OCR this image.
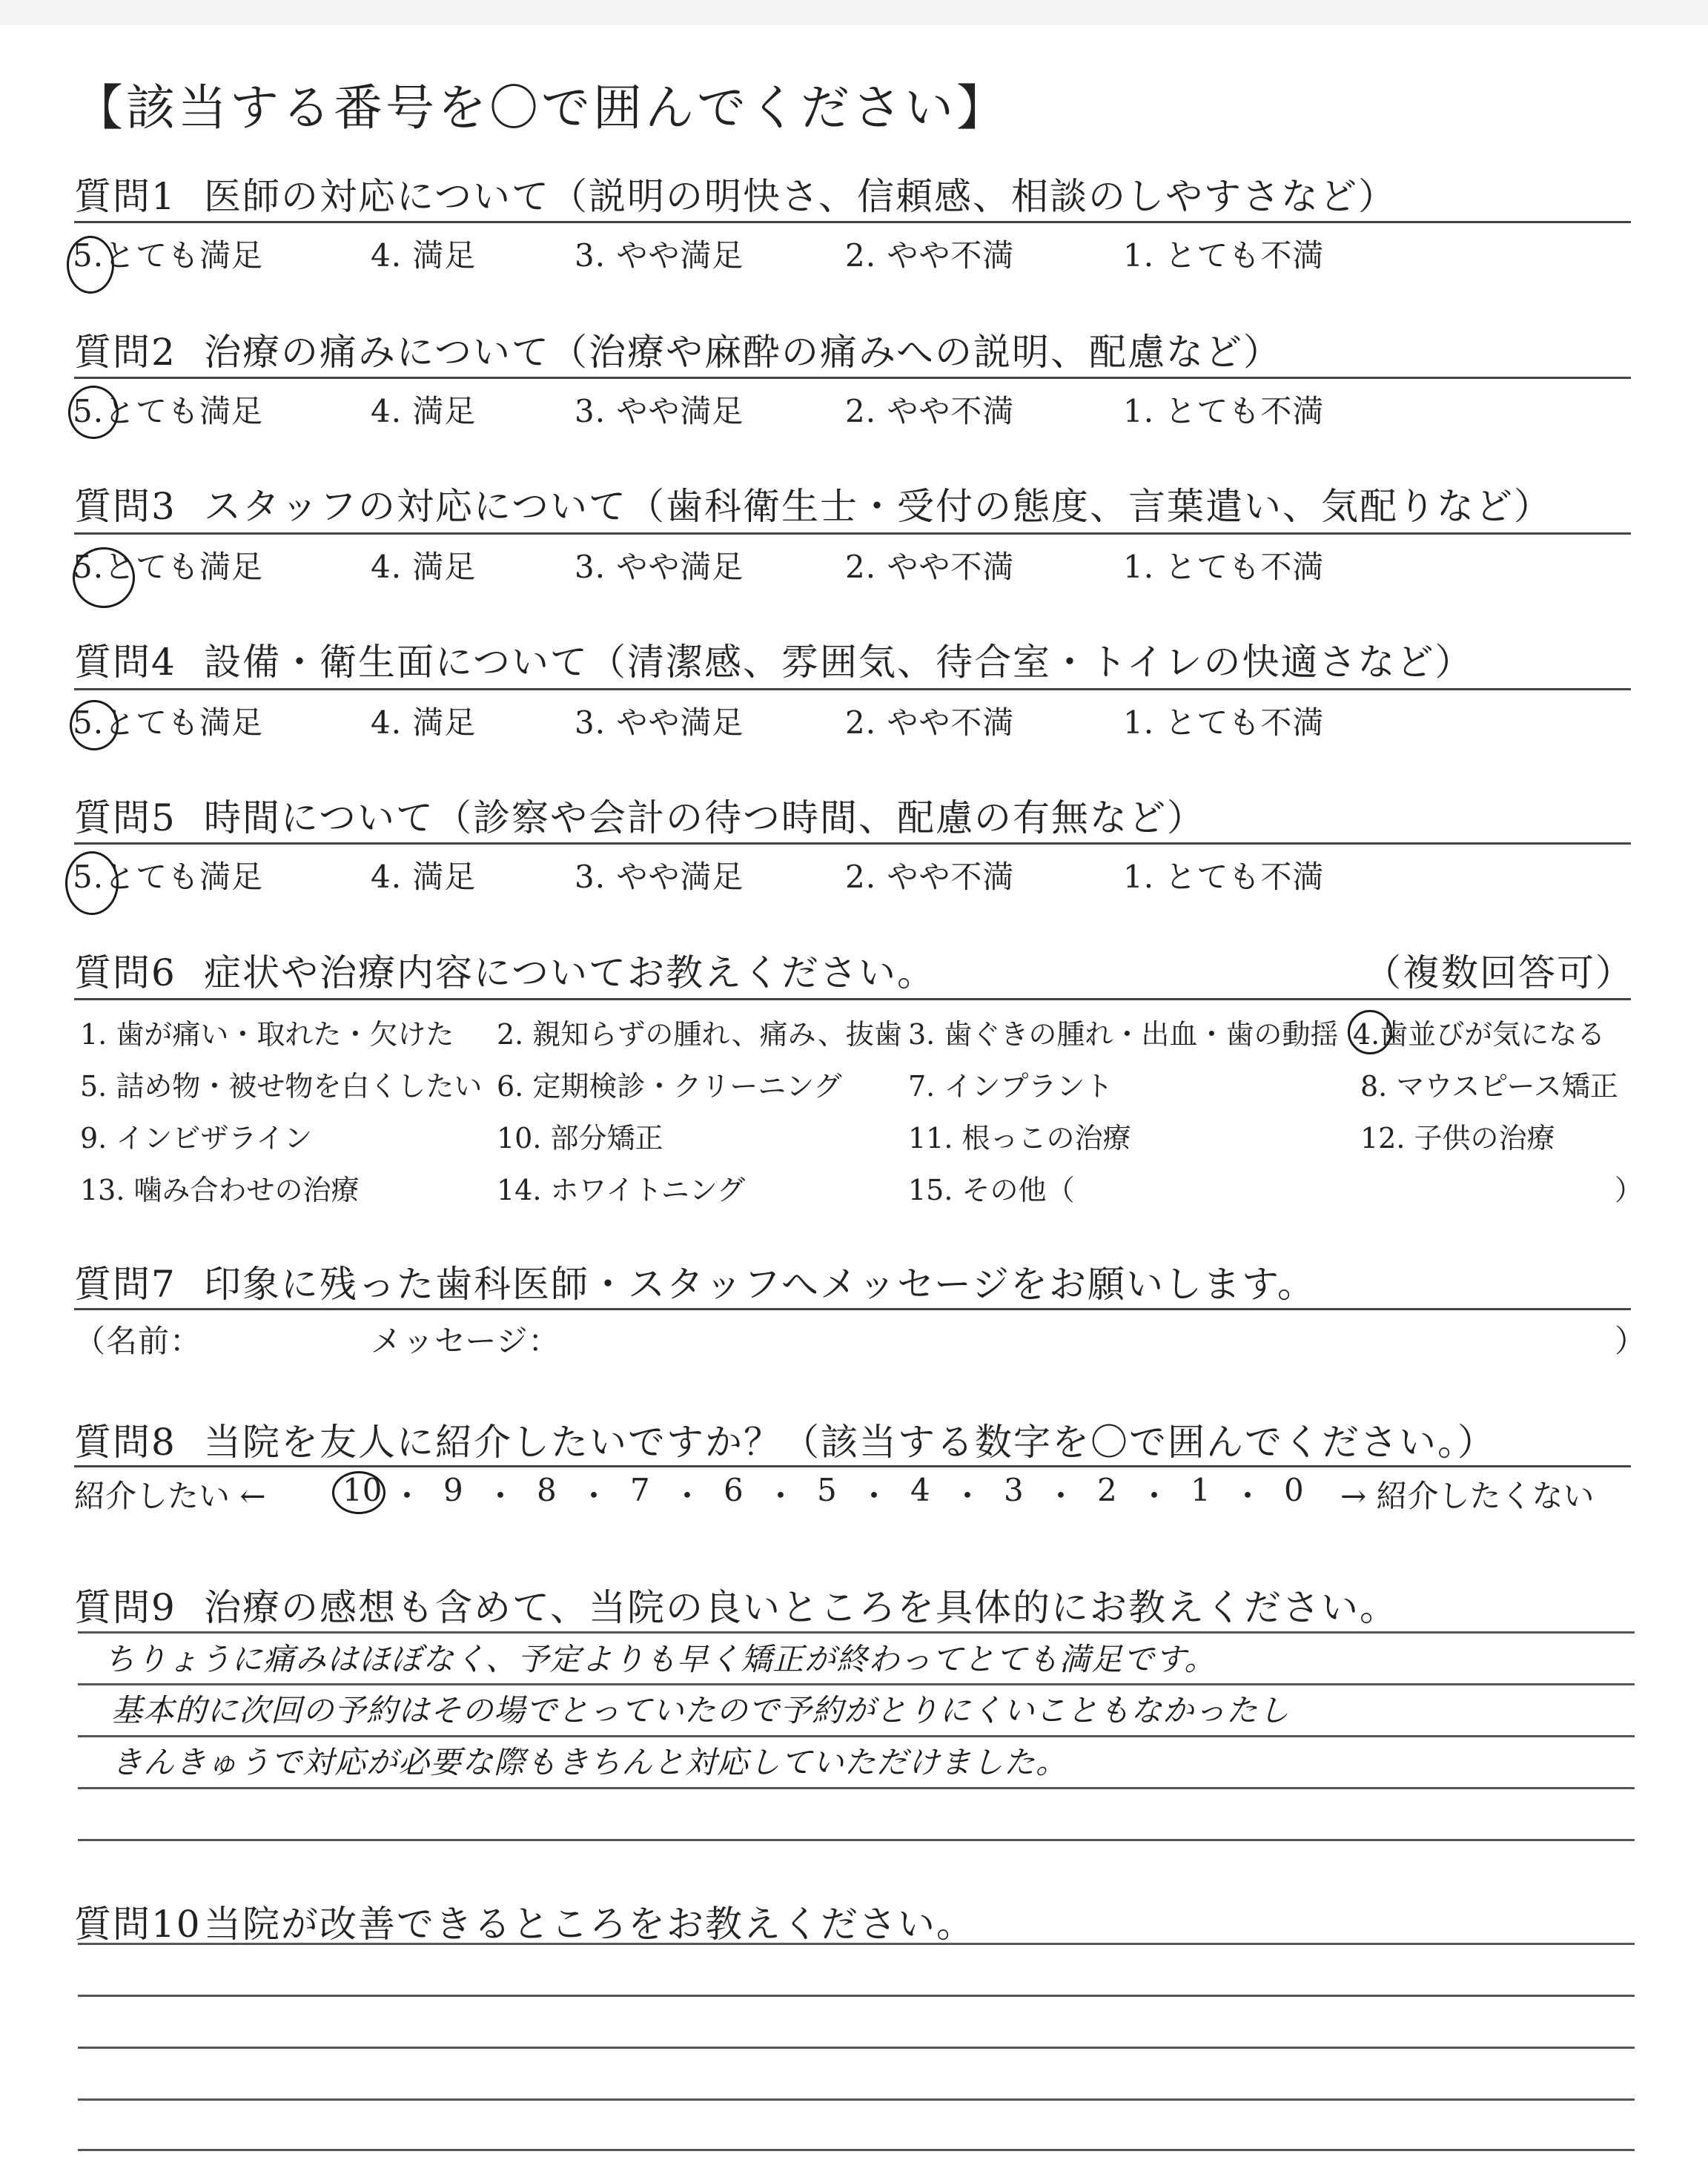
【該当する番号を〇で囲んでください】
質問1 医師の対応について（説明の明快さ、信頼感、相談のしやすさなど）
5.とても満足	4. 満足	3. やや満足	2. やや不満	1. とても不満
質問2 治療の痛みについて（治療や麻酔の痛みへの説明、配慮など）
5.とても満足	4. 満足	3. やや満足	2. やや不満	1. とても不満
質問3 スタッフの対応について（歯科衛生士・受付の態度、言葉遣い、気配りなど）
5.とても満足	4. 満足	3. やや満足	2. やや不満	1. とても不満
質問4 設備・衛生面について（清潔感、雰囲気、待合室・トイレの快適さなど）
5.とても満足	4. 満足	3. やや満足	2. やや不満	1. とても不満
質問5 時間について（診察や会計の待つ時間、配慮の有無など）
5.とても満足	4. 満足	3. やや満足	2. やや不満	1. とても不満
質問6 症状や治療内容についてお教えください。	（複数回答可）
1. 歯が痛い・取れた・欠けた 2. 親知らずの腫れ、痛み、抜歯 3. 歯ぐきの腫れ・出血・歯の動揺 4.歯並びが気になる
5. 詰め物・被せ物を白くしたい 6. 定期検診・クリーニング 7. インプラント	8. マウスピース矯正
9. インビザライン	10. 部分矯正	11. 根っこの治療	12. 子供の治療
13. 噛み合わせの治療	14. ホワイトニング	15. その他（	）
質問7 印象に残った歯科医師・スタッフへメッセージをお願いします。
（名前：	メッセージ：	）
質問8 当院を友人に紹介したいですか？（該当する数字を〇で囲んでください。）
紹介したい ← 10 ・ 9 ・ 8 ・ 7 ・ 6 ・ 5 ・ 4 ・ 3 ・ 2 ・ 1 ・ 0 → 紹介したくない
質問9 治療の感想も含めて、当院の良いところを具体的にお教えください。
ちりょうに痛みはほぼなく、予定よりも早く矯正が終わってとても満足です。
基本的に次回の予約はその場でとっていたので予約がとりにくいこともなかったし
きんきゅうで対応が必要な際もきちんと対応していただけました。
質問10当院が改善できるところをお教えください。
